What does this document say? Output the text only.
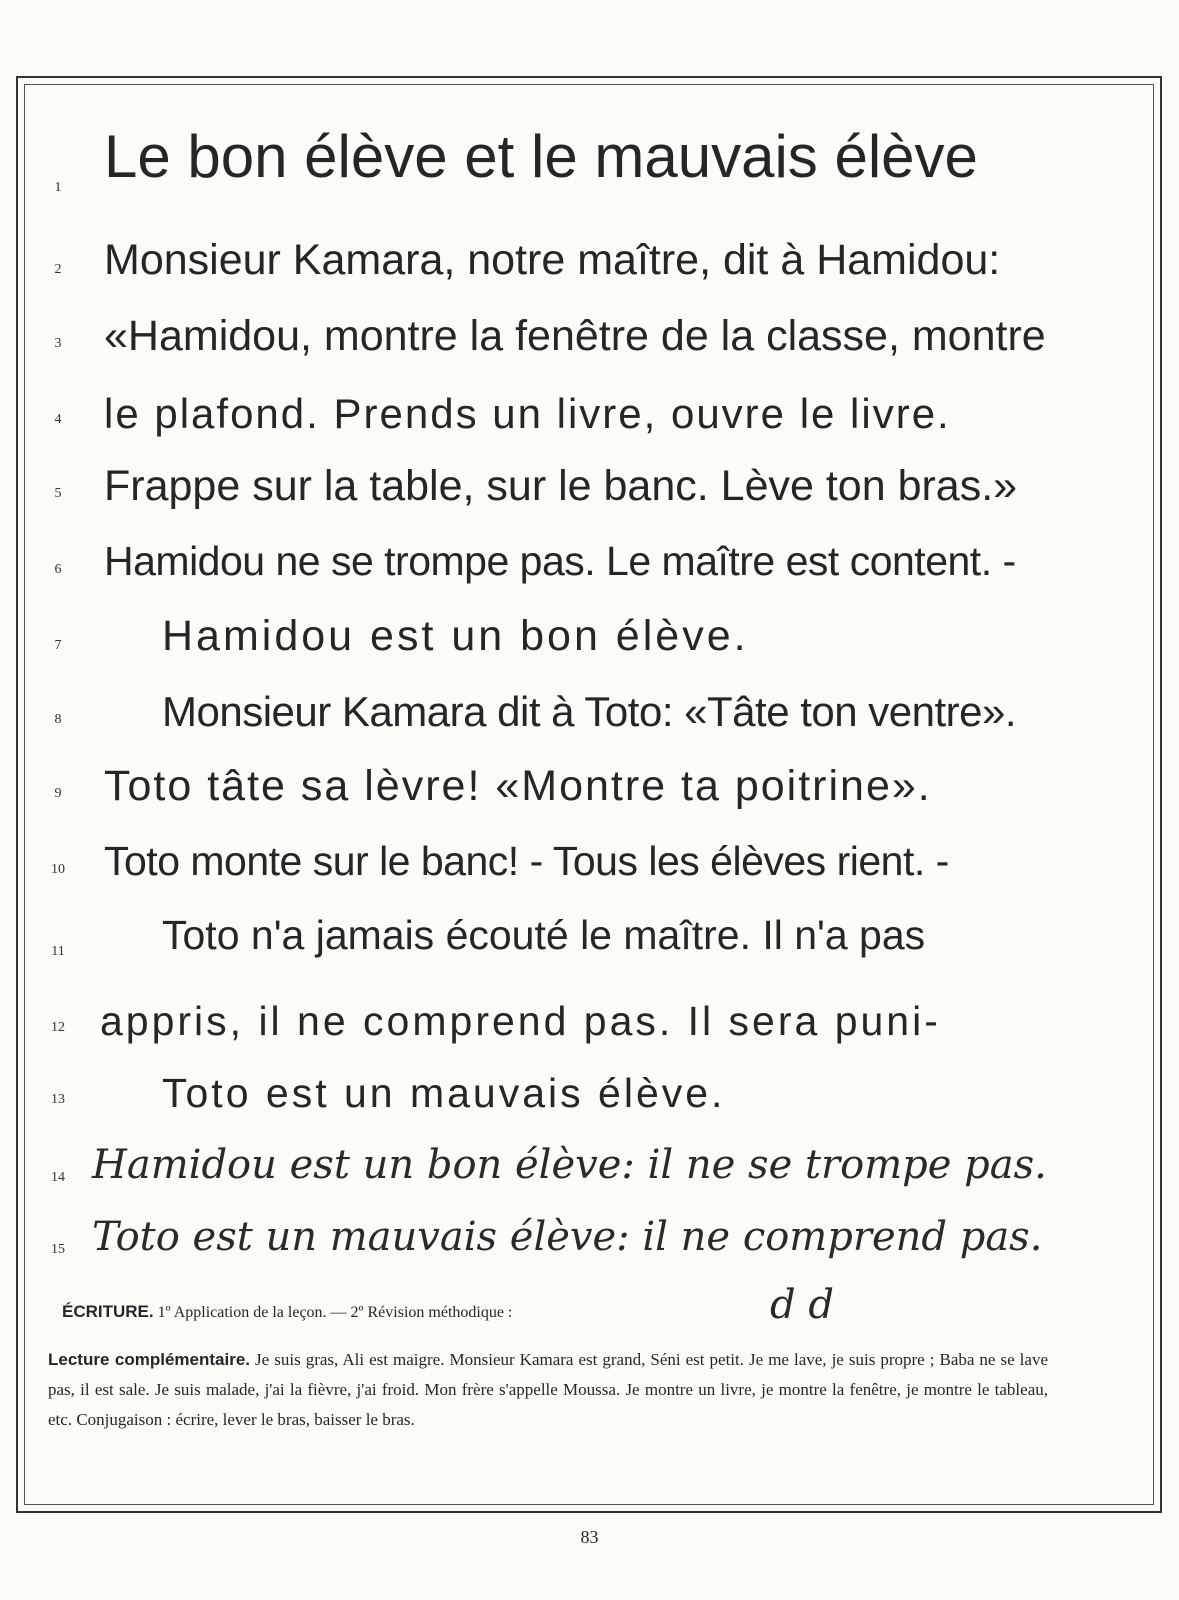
1 Le bon élève et le mauvais élève
2 Monsieur Kamara, notre maître, dit à Hamidou:
3 «Hamidou, montre la fenêtre de la classe, montre
4	le plafond. Prends un livre, ouvre le livre.
5 Frappe sur la table, sur le banc. Lève ton bras.»
6	Hamidou ne se trompe pas. Le maître est content. -
7	Hamidou est un bon élève.
8	Monsieur Kamara dit à Toto: «Tâte ton ventre».
9 Toto tâte sa lèvre! «Montre ta poitrine».
10 Toto monte sur le banc! - Tous les élèves rient. -
11	Toto n'a jamais écouté le maître. Il n'a pas
12 appris, il ne comprend pas. Il sera puni-
13	Toto est un mauvais élève.
14 Hamidou est un bon élève: il ne se trompe pas.
15 Toto est un mauvais élève: il ne comprend pas.
ÉCRITURE. 1º Application de la leçon. — 2º Révision méthodique :	d d
Lecture complémentaire. Je suis gras, Ali est maigre. Monsieur Kamara est grand, Séni est petit. Je me lave, je suis propre ; Baba ne se lave pas, il est sale. Je suis malade, j'ai la fièvre, j'ai froid. Mon frère s'appelle Moussa. Je montre un livre, je montre la fenêtre, je montre le tableau, etc. Conjugaison : écrire, lever le bras, baisser le bras.
83
